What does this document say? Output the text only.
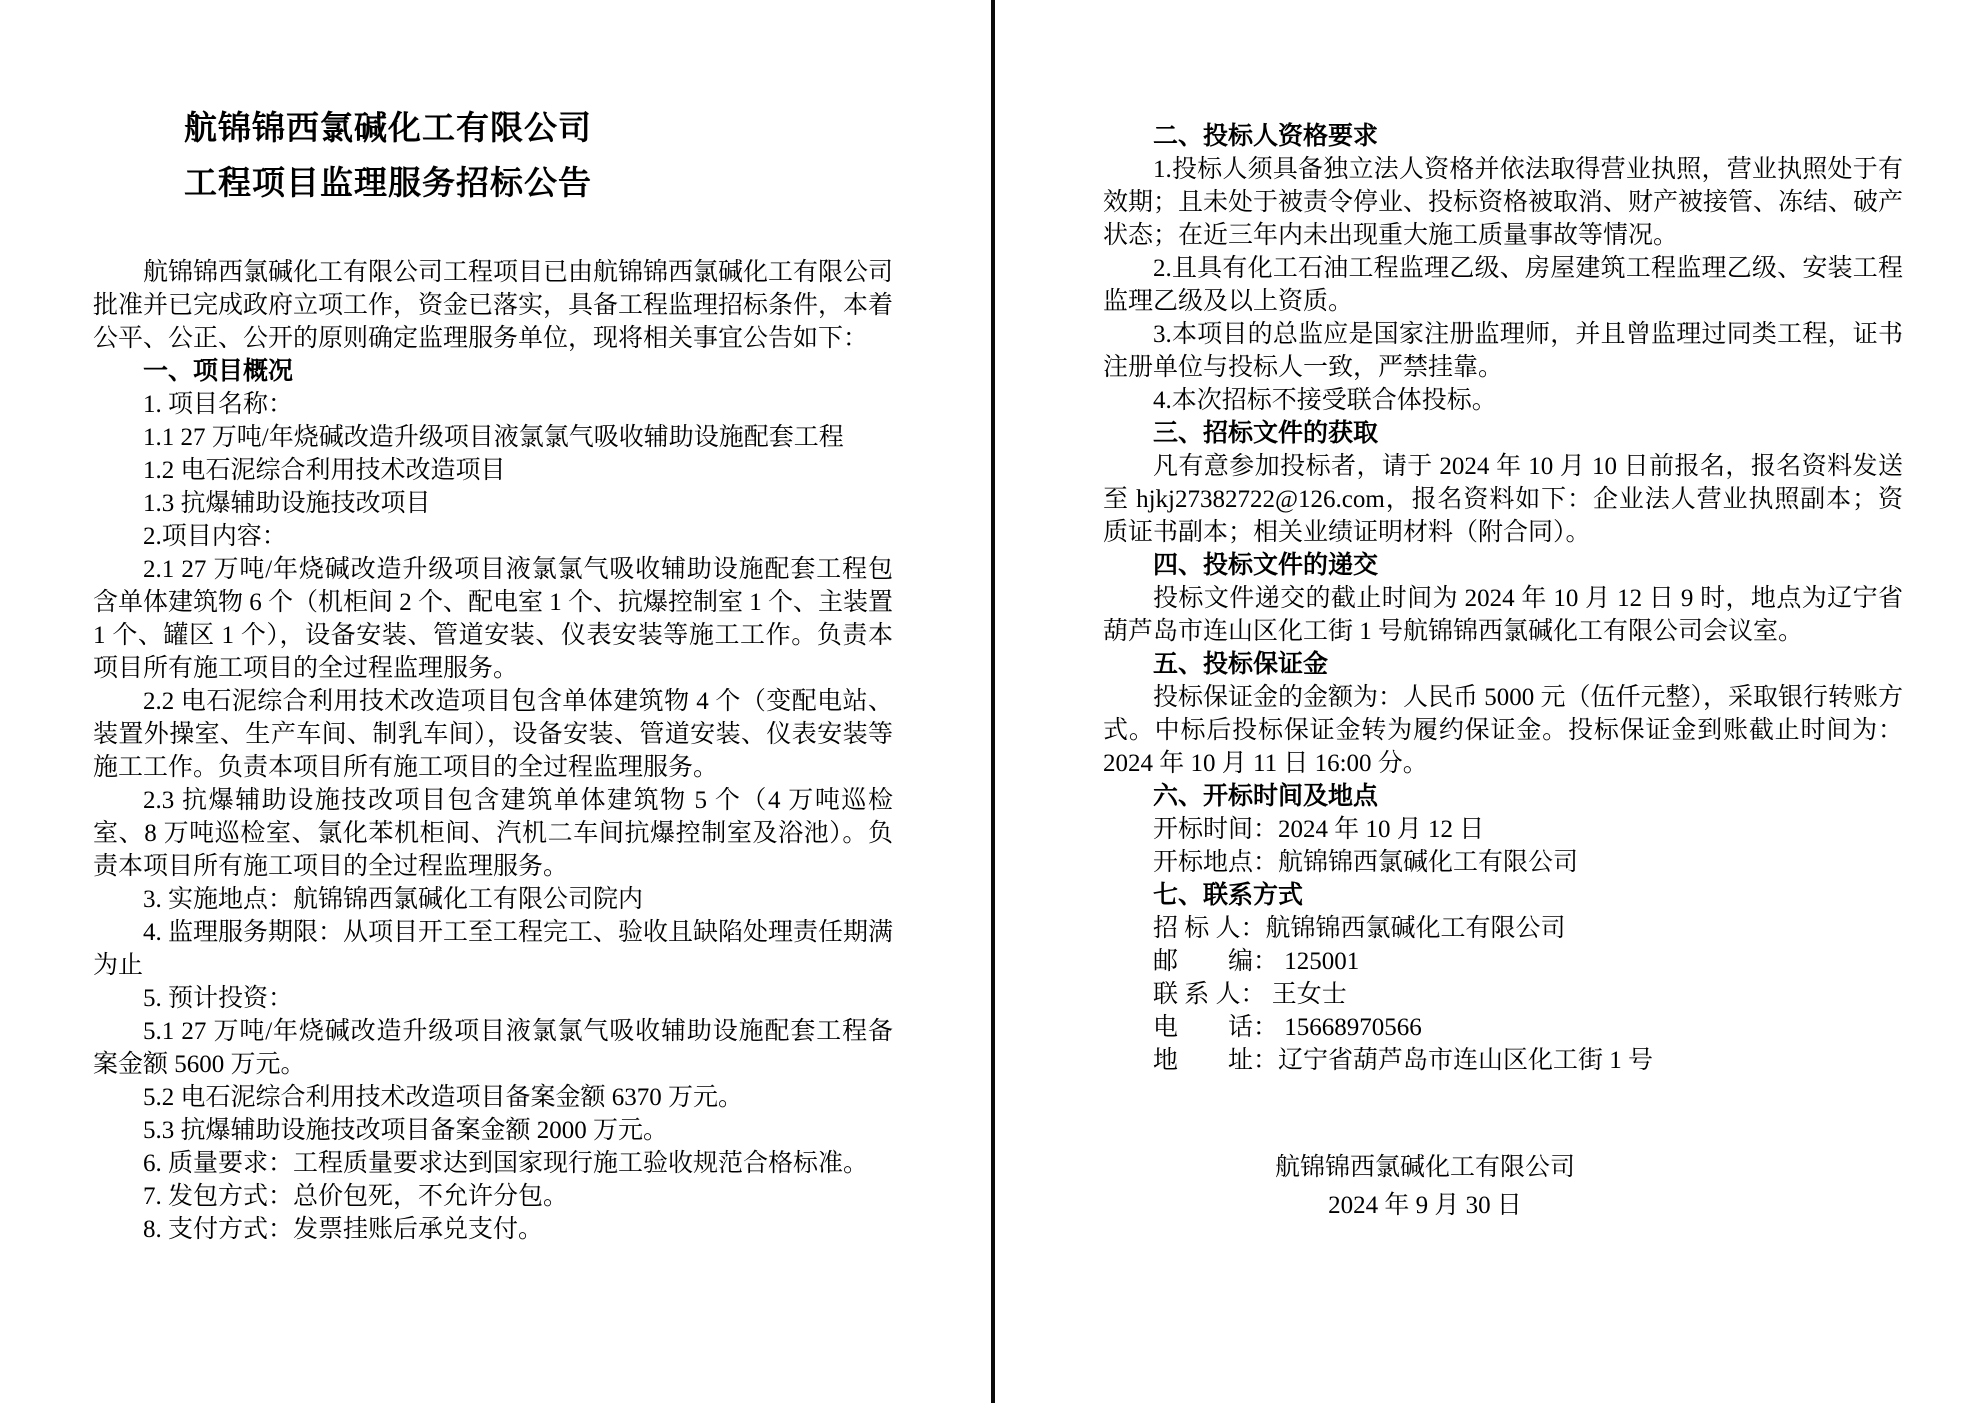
航锦锦西氯碱化工有限公司
工程项目监理服务招标公告

航锦锦西氯碱化工有限公司工程项目已由航锦锦西氯碱化工有限公司批准并已完成政府立项工作，资金已落实，具备工程监理招标条件，本着公平、公正、公开的原则确定监理服务单位，现将相关事宜公告如下：

一、项目概况

1. 项目名称：

1.1 27 万吨/年烧碱改造升级项目液氯氯气吸收辅助设施配套工程

1.2 电石泥综合利用技术改造项目

1.3 抗爆辅助设施技改项目

2.项目内容：

2.1 27 万吨/年烧碱改造升级项目液氯氯气吸收辅助设施配套工程包含单体建筑物 6 个（机柜间 2 个、配电室 1 个、抗爆控制室 1 个、主装置 1 个、罐区 1 个），设备安装、管道安装、仪表安装等施工工作。负责本项目所有施工项目的全过程监理服务。

2.2 电石泥综合利用技术改造项目包含单体建筑物 4 个（变配电站、装置外操室、生产车间、制乳车间），设备安装、管道安装、仪表安装等施工工作。负责本项目所有施工项目的全过程监理服务。

2.3 抗爆辅助设施技改项目包含建筑单体建筑物 5 个（4 万吨巡检室、8 万吨巡检室、氯化苯机柜间、汽机二车间抗爆控制室及浴池）。负责本项目所有施工项目的全过程监理服务。

3. 实施地点：航锦锦西氯碱化工有限公司院内

4. 监理服务期限：从项目开工至工程完工、验收且缺陷处理责任期满为止

5. 预计投资：

5.1 27 万吨/年烧碱改造升级项目液氯氯气吸收辅助设施配套工程备案金额 5600 万元。

5.2 电石泥综合利用技术改造项目备案金额 6370 万元。

5.3 抗爆辅助设施技改项目备案金额 2000 万元。

6. 质量要求：工程质量要求达到国家现行施工验收规范合格标准。

7. 发包方式：总价包死，不允许分包。

8. 支付方式：发票挂账后承兑支付。

二、投标人资格要求

1.投标人须具备独立法人资格并依法取得营业执照，营业执照处于有效期；且未处于被责令停业、投标资格被取消、财产被接管、冻结、破产状态；在近三年内未出现重大施工质量事故等情况。

2.且具有化工石油工程监理乙级、房屋建筑工程监理乙级、安装工程监理乙级及以上资质。

3.本项目的总监应是国家注册监理师，并且曾监理过同类工程，证书注册单位与投标人一致，严禁挂靠。

4.本次招标不接受联合体投标。

三、招标文件的获取

凡有意参加投标者，请于 2024 年 10 月 10 日前报名，报名资料发送至 hjkj27382722@126.com，报名资料如下：企业法人营业执照副本；资质证书副本；相关业绩证明材料（附合同）。

四、投标文件的递交

投标文件递交的截止时间为 2024 年 10 月 12 日 9 时，地点为辽宁省葫芦岛市连山区化工街 1 号航锦锦西氯碱化工有限公司会议室。

五、投标保证金

投标保证金的金额为：人民币 5000 元（伍仟元整），采取银行转账方式。中标后投标保证金转为履约保证金。投标保证金到账截止时间为：2024 年 10 月 11 日 16:00 分。

六、开标时间及地点

开标时间：2024 年 10 月 12 日

开标地点：航锦锦西氯碱化工有限公司

七、联系方式

招 标 人：航锦锦西氯碱化工有限公司

邮　　编： 125001

联 系 人： 王女士

电　　话： 15668970566

地　　址：辽宁省葫芦岛市连山区化工街 1 号

航锦锦西氯碱化工有限公司

2024 年 9 月 30 日
